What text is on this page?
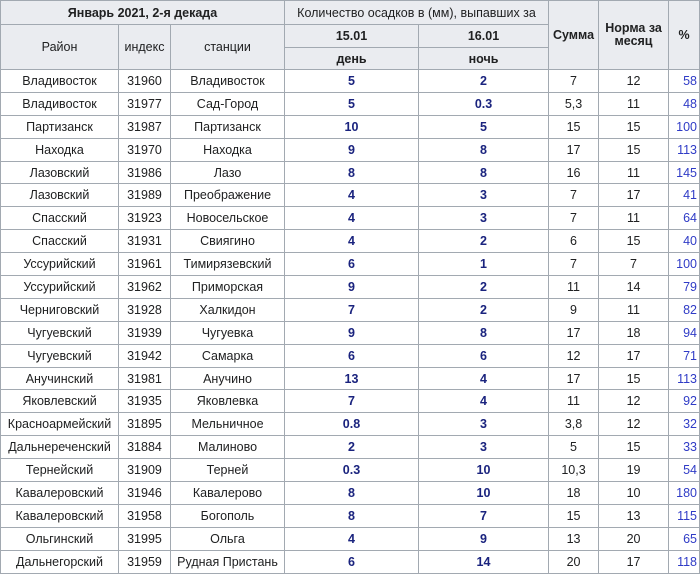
Январь 2021, 2-я декада			Количество осадков в (мм), выпавших за		Сумма	Норма за месяц	%
Район	индекс	станции	15.01	16.01			
			день	ночь			
Владивосток	31960	Владивосток	5	2	7	12	58
Владивосток	31977	Сад-Город	5	0.3	5,3	11	48
Партизанск	31987	Партизанск	10	5	15	15	100
Находка	31970	Находка	9	8	17	15	113
Лазовский	31986	Лазо	8	8	16	11	145
Лазовский	31989	Преображение	4	3	7	17	41
Спасский	31923	Новосельское	4	3	7	11	64
Спасский	31931	Свиягино	4	2	6	15	40
Уссурийский	31961	Тимирязевский	6	1	7	7	100
Уссурийский	31962	Приморская	9	2	11	14	79
Черниговский	31928	Халкидон	7	2	9	11	82
Чугуевский	31939	Чугуевка	9	8	17	18	94
Чугуевский	31942	Самарка	6	6	12	17	71
Анучинский	31981	Анучино	13	4	17	15	113
Яковлевский	31935	Яковлевка	7	4	11	12	92
Красноармейский	31895	Мельничное	0.8	3	3,8	12	32
Дальнереченский	31884	Малиново	2	3	5	15	33
Тернейский	31909	Терней	0.3	10	10,3	19	54
Кавалеровский	31946	Кавалерово	8	10	18	10	180
Кавалеровский	31958	Богополь	8	7	15	13	115
Ольгинский	31995	Ольга	4	9	13	20	65
Дальнегорский	31959	Рудная Пристань	6	14	20	17	118
